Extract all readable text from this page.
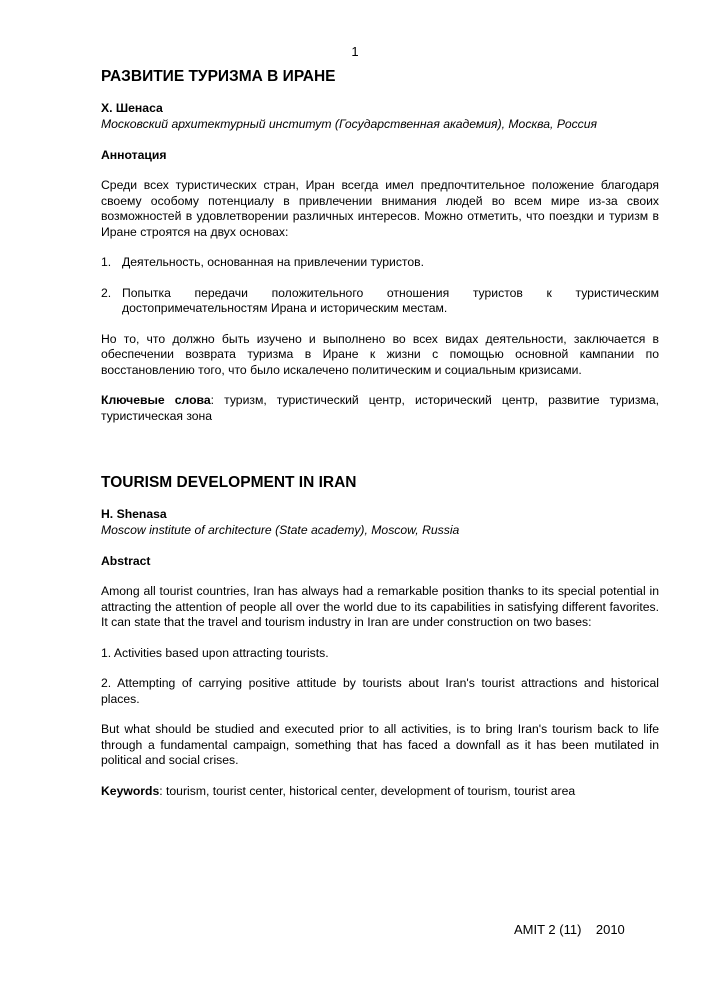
1
РАЗВИТИЕ ТУРИЗМА В ИРАНЕ

Х. Шенаса

Московский архитектурный институт (Государственная академия), Москва, Россия

Аннотация

Среди всех туристических стран, Иран всегда имел предпочтительное положение благодаря своему особому потенциалу в привлечении внимания людей во всем мире из-за своих возможностей в удовлетворении различных интересов. Можно отметить, что поездки и туризм в Иране строятся на двух основах:

1. Деятельность, основанная на привлечении туристов.
2. Попытка передачи положительного отношения туристов к туристическим достопримечательностям Ирана и историческим местам.

Но то, что должно быть изучено и выполнено во всех видах деятельности, заключается в обеспечении возврата туризма в Иране к жизни с помощью основной кампании по восстановлению того, что было искалечено политическим и социальным кризисами.

Ключевые слова: туризм, туристический центр, исторический центр, развитие туризма, туристическая зона

TOURISM DEVELOPMENT IN IRAN

H. Shenasa

Moscow institute of architecture (State academy), Moscow, Russia

Abstract

Among all tourist countries, Iran has always had a remarkable position thanks to its special potential in attracting the attention of people all over the world due to its capabilities in satisfying different favorites. It can state that the travel and tourism industry in Iran are under construction on two bases:

1. Activities based upon attracting tourists.

2. Attempting of carrying positive attitude by tourists about Iran's tourist attractions and historical places.

But what should be studied and executed prior to all activities, is to bring Iran's tourism back to life through a fundamental campaign, something that has faced a downfall as it has been mutilated in political and social crises.

Keywords: tourism, tourist center, historical center, development of tourism, tourist area

AMIT 2 (11)    2010
